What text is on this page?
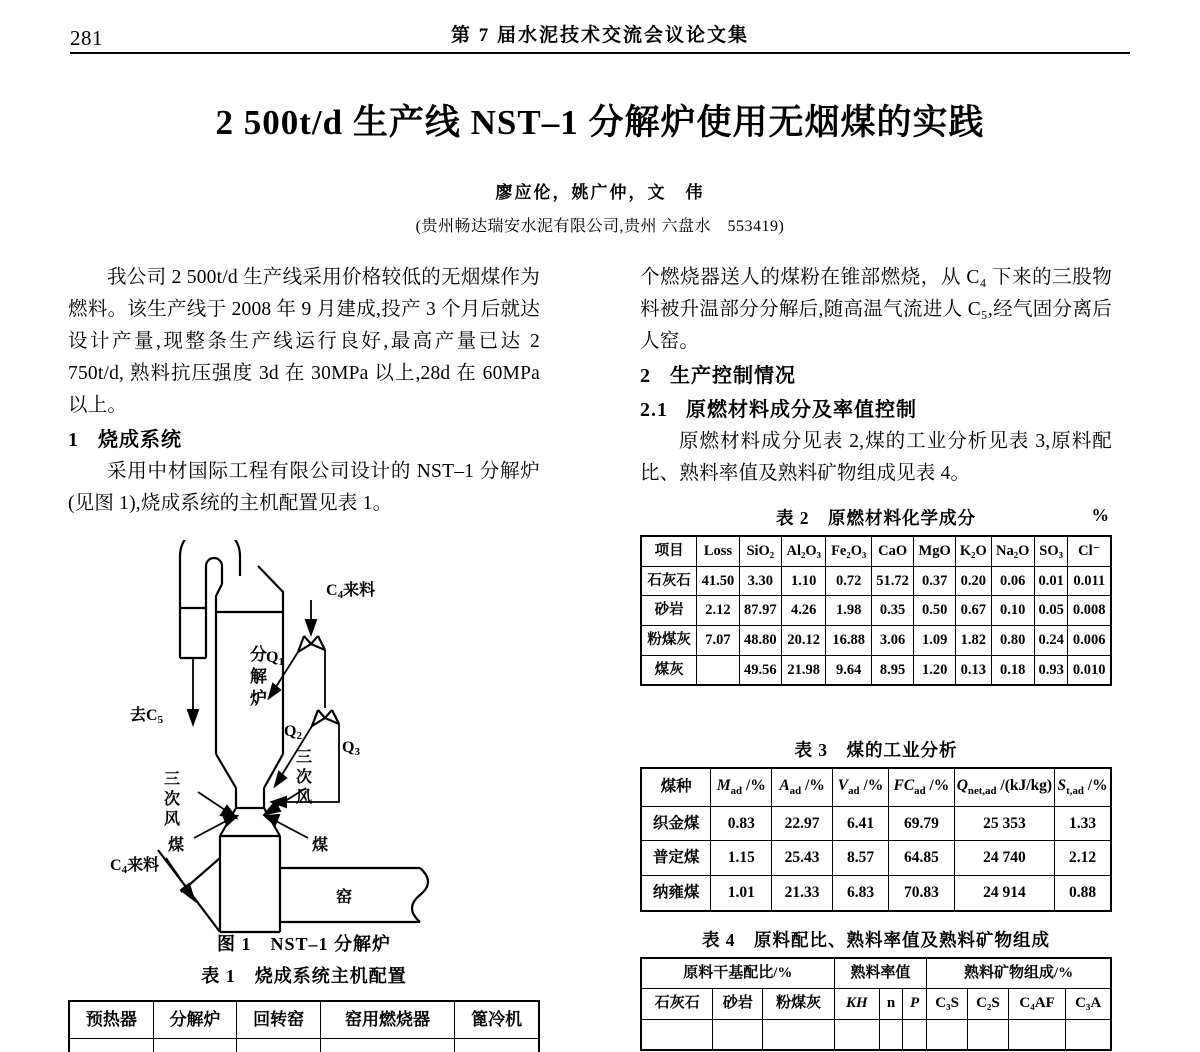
281	第 7 届水泥技术交流会议论文集
2 500t/d 生产线 NST–1 分解炉使用无烟煤的实践
廖应伦，姚广仲，文　伟
(贵州畅达瑞安水泥有限公司,贵州 六盘水　553419)

我公司 2 500t/d 生产线采用价格较低的无烟煤作为燃料。该生产线于 2008 年 9 月建成,投产 3 个月后就达设计产量,现整条生产线运行良好,最高产量已达 2 750t/d, 熟料抗压强度 3d 在 30MPa 以上,28d 在 60MPa 以上。

1 烧成系统

采用中材国际工程有限公司设计的 NST–1 分解炉(见图 1),烧成系统的主机配置见表 1。

分
解
炉
去C5
C4来料
Q1
Q2
Q3
三
次
风
三
次
风
煤	煤
C4来料
窑
图 1　NST–1 分解炉
表 1　烧成系统主机配置
预热器	分解炉	回转窑	窑用燃烧器	篦冷机

个燃烧器送人的煤粉在锥部燃烧，从 C₄ 下来的三股物料被升温部分分解后,随高温气流进人 C₅,经气固分离后人窑。

2 生产控制情况
2.1 原燃材料成分及率值控制

原燃材料成分见表 2,煤的工业分析见表 3,原料配比、熟料率值及熟料矿物组成见表 4。

表 2　原燃材料化学成分	%
项目	Loss	SiO₂	Al₂O₃	Fe₂O₃	CaO	MgO	K₂O	Na₂O	SO₃	Cl⁻
石灰石	41.50	3.30	1.10	0.72	51.72	0.37	0.20	0.06	0.01	0.011
砂岩	2.12	87.97	4.26	1.98	0.35	0.50	0.67	0.10	0.05	0.008
粉煤灰	7.07	48.80	20.12	16.88	3.06	1.09	1.82	0.80	0.24	0.006
煤灰		49.56	21.98	9.64	8.95	1.20	0.13	0.18	0.93	0.010
表 3　煤的工业分析
煤种	$M_{ad}$ /%	$A_{ad}$ /%	$V_{ad}$ /%	$FC_{ad}$ /%	$Q_{net,ad}$ /(kJ/kg)	$S_{t,ad}$ /%
织金煤	0.83	22.97	6.41	69.79	25 353	1.33
普定煤	1.15	25.43	8.57	64.85	24 740	2.12
纳雍煤	1.01	21.33	6.83	70.83	24 914	0.88
表 4　原料配比、熟料率值及熟料矿物组成
原料干基配比/%			熟料率值			熟料矿物组成/%			
石灰石	砂岩	粉煤灰	KH	n	P	C₃S	C₂S	C₄AF	C₃A
